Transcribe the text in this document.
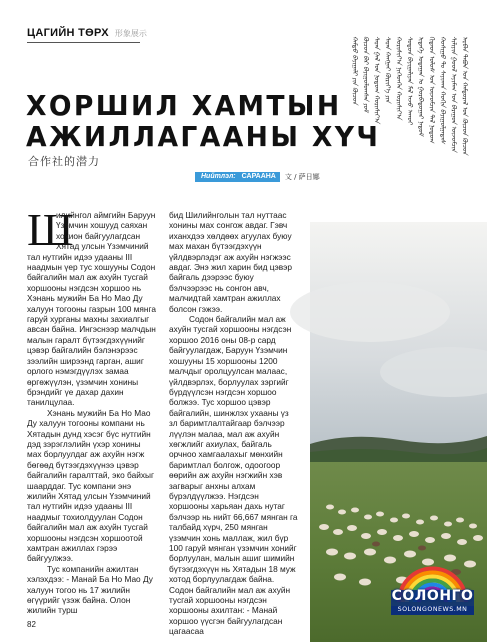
ЦАГИЙН ТӨРХ 形象展示
ᠠᠷᠪᠠᠨ ᠲᠠᠪᠤᠨ ᠤᠨ ᠬᠠᠮᠲᠤᠷᠠᠯ ᠤᠨ ᠬᠦᠴᠦᠨ ᠬᠦᠴᠦᠨ
ᠰᠢᠯᠢᠶᠢᠨ ᠭᠣᠣᠯ ᠠᠶᠢᠮᠠᠭ ᠤᠨ ᠪᠠᠷᠠᠭᠤᠨ ᠦᠵᠦᠮᠴᠢᠨ
ᠬᠣᠰᠢᠭᠤ ᠲᠤ ᠰᠠᠶᠢᠬᠠᠨ ᠬᠣᠬᠢᠨ ᠪᠠᠶᠢᠭᠤᠯᠭᠠᠳᠠᠰ
ᠬᠢᠲᠠᠳ ᠤᠯᠤᠰ ᠤᠨ ᠦᠵᠦᠮᠴᠢᠨ ᠲᠠᠯ ᠨᠤᠲᠤᠭ
ᠢᠳᠡᠭᠡ ᠤᠳᠠᠭᠠᠨ ᠤ ᠭᠤᠷᠪᠠᠳᠤᠭᠠᠷ ᠨᠠᠳᠤᠮ
ᠰᠣᠳᠣᠨ ᠪᠠᠶᠢᠭᠠᠯᠢᠶᠠᠨ ᠮᠠᠯ ᠠᠵᠤ ᠠᠬᠤᠢ
ᠬᠣᠷᠢᠰᠢᠶ᠎ᠠ ᠨᠢᠭᠡᠳᠬᠡᠨ ᠬᠣᠷᠢᠰᠢᠶ᠎ᠠ
ᠰᠠᠷᠠᠨ ᠬᠠᠩᠭᠠᠢ ᠬᠦᠷᠢᠶ᠎ᠡ ᠶᠢᠨ
ᠰᠠᠷᠠᠨ ᠭᠠᠯ ᠤᠨ ᠨᠤᠲᠤᠭ ᠬᠣᠷᠢᠰᠢᠶ᠎ᠠ
ᠬᠦᠴᠦᠨ ᠪᠠᠷ ᠪᠠᠶᠢᠭᠤᠯᠤᠭᠰᠠᠨ ᠶᠤᠮ
ᠬᠠᠮᠲᠤ ᠪᠠᠶᠢᠭᠠᠯᠢ ᠶᠢᠨ ᠬᠦᠴᠦᠨ
ХОРШИЛ ХАМТЫН
АЖИЛЛАГААНЫ ХҮЧ
合作社的潜力
Нийтлэл: САРААНА	文 / 萨日娜
Ш

илийнгол аймгийн Баруун Үзэмчин хошууд саяхан хохион байгуулагдсан Хятад улсын Үзэмчиний тал нутгийн идээ удааны III наадмын үер тус хошууны Содон байгалийн мал аж ахуйн тусгай хоршооны нэгдсэн хоршоо нь Хэнань мужийн Ба Но Мао Ду халуун тогооны газрын 100 мянга гаруй хурганы махны захиалгыг авсан байна. Ингэснээр малчдын малын гаралт бүтээгдэхүүнийг цэвэр байгалийн бэлэнэрээс зээлийн ширээнд гарган, ашиг орлого нэмэгдүүлэх замаа өргөжүүлэн, үзэмчин хонины брэндийг үе дахар дахин танилцулаа.

Хэнань мужийн Ба Но Мао Ду халуун тогооны компани нь Хятадын дунд хэсэг бүс нутгийн дэд зэрэглэлийн үхэр хонины мах борлуулдаг аж ахуйн нэгж бөгөөд бүтээгдэхүүнээ цэвэр байгалийн гаралттай, эко байхыг шаарддаг. Тус компани энэ жилийн Хятад улсын Үзэмчиний тал нутгийн идээ удааны III наадмыг тохиолдуулан Содон байгалийн мал аж ахуйн тусгай хоршооны нэгдсэн хоршоотой хамтран ажиллах гэрээ байгуулжээ.

Тус компанийн ажилтан хэлэхдээ: - Манай Ба Но Мао Ду халуун тогоо нь 17 жилийн өгүүрийг үзэж байна. Олон жилийн турш

бид Шилийнголын тал нуттаас хонины мах сонгож авдаг. Гэвч иханхдээ хөлдөөх агуулах буюу мах махан бүтээгдэхүүн үйлдвэрлэдэг аж ахуйн нэгжээс авдаг. Энэ жил харин бид цэвэр байгаль дээрээс буюу бэлчээрээс нь сонгон авч, малчидтай хамтран ажиллах болсон гэжээ.

Содон байгалийн мал аж ахуйн тусгай хоршооны нэгдсэн хоршоо 2016 оны 08-р сард байгуулагдаж, Баруун Үзэмчин хошууны 15 хоршооны 1200 малчдыг оролцуулсан малаас, үйлдвэрлэх, борлуулах зэргийг бүрдүүлсэн нэгдсэн хоршоо болжээ. Тус хоршоо цэвэр байгалийн, шинжлэх ухааны үз зл баримтлалтайгаар бэлчээр лүүлэн малаа, мал аж ахуйн хөгжлийг ахиулах, байгаль орчноо хамгаалахыг мөнхийн баримтлал болгож, одоогоор өөрийн аж ахуйн нэгжийн хэв загварыг анхны алхам бүрэлдүүлжээ. Нэгдсэн хоршооны харьяан дахь нутаг бэлчээр нь нийт 66,667 мянган га талбайд хүрч, 250 мянган үзэмчин хонь маллаж, жил бүр 100 гаруй мянган үзэмчин хонийг борлуулан, малын ашиг шимийн бүтээгдэхүүн нь Хятадын 18 муж хотод борлуулагдаж байна. Содон байгалийн мал аж ахуйн тусгай хоршооны нэгдсэн хоршооны ахилтан: - Манай хоршоо үүсгэн байгуулагдсан цагаасаа

СОЛОНГО
SOLONGONEWS.MN
82
